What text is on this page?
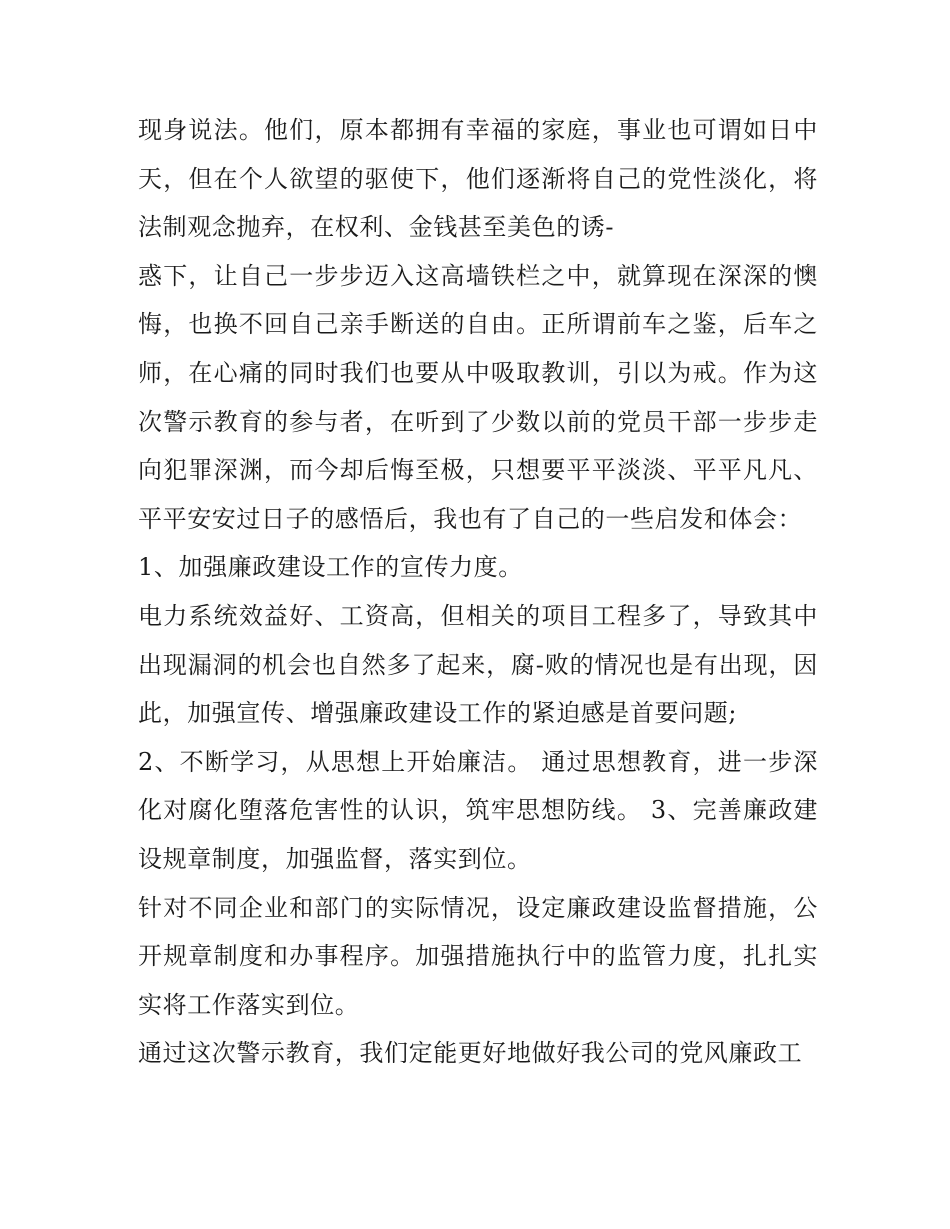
现身说法。他们，原本都拥有幸福的家庭，事业也可谓如日中天，但在个人欲望的驱使下，他们逐渐将自己的党性淡化，将法制观念抛弃，在权利、金钱甚至美色的诱-

惑下，让自己一步步迈入这高墙铁栏之中，就算现在深深的懊悔，也换不回自己亲手断送的自由。正所谓前车之鉴，后车之师，在心痛的同时我们也要从中吸取教训，引以为戒。作为这次警示教育的参与者，在听到了少数以前的党员干部一步步走向犯罪深渊，而今却后悔至极，只想要平平淡淡、平平凡凡、平平安安过日子的感悟后，我也有了自己的一些启发和体会：

1、加强廉政建设工作的宣传力度。

电力系统效益好、工资高，但相关的项目工程多了，导致其中出现漏洞的机会也自然多了起来，腐-败的情况也是有出现，因此，加强宣传、增强廉政建设工作的紧迫感是首要问题;

2、不断学习，从思想上开始廉洁。 通过思想教育，进一步深化对腐化堕落危害性的认识，筑牢思想防线。 3、完善廉政建设规章制度，加强监督，落实到位。

针对不同企业和部门的实际情况，设定廉政建设监督措施，公开规章制度和办事程序。加强措施执行中的监管力度，扎扎实实将工作落实到位。

通过这次警示教育，我们定能更好地做好我公司的党风廉政工
